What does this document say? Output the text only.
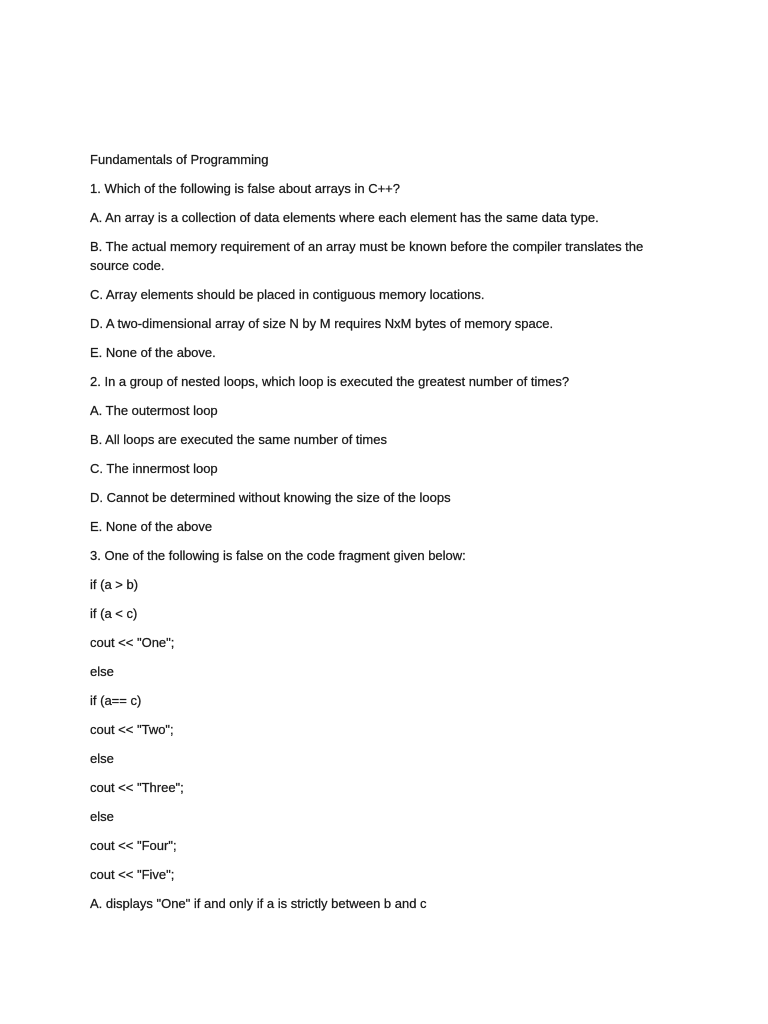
Fundamentals of Programming

1. Which of the following is false about arrays in C++?

A. An array is a collection of data elements where each element has the same data type.

B. The actual memory requirement of an array must be known before the compiler translates the source code.

C. Array elements should be placed in contiguous memory locations.

D. A two-dimensional array of size N by M requires NxM bytes of memory space.

E. None of the above.

2. In a group of nested loops, which loop is executed the greatest number of times?

A. The outermost loop

B. All loops are executed the same number of times

C. The innermost loop

D. Cannot be determined without knowing the size of the loops

E. None of the above

3. One of the following is false on the code fragment given below:

if (a > b)

if (a < c)

cout << "One";

else

if (a== c)

cout << "Two";

else

cout << "Three";

else

cout << "Four";

cout << "Five";

A. displays "One" if and only if a is strictly between b and c
